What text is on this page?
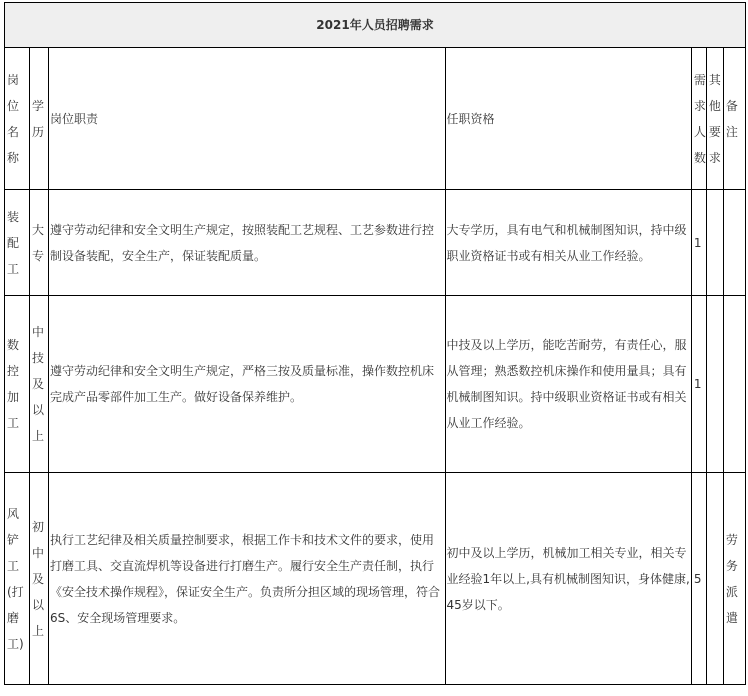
2021年人员招聘需求						

岗位名称	学历	岗位职责	任职资格	需求人数	其他要求	备注

装配工	大专	遵守劳动纪律和安全文明生产规定，按照装配工艺规程、工艺参数进行控制设备装配，安全生产，保证装配质量。	大专学历，具有电气和机械制图知识，持中级职业资格证书或有相关从业工作经验。	1		

数控加工	中技及以上	遵守劳动纪律和安全文明生产规定，严格三按及质量标准，操作数控机床完成产品零部件加工生产。做好设备保养维护。	中技及以上学历，能吃苦耐劳，有责任心，服从管理；熟悉数控机床操作和使用量具；具有机械制图知识。持中级职业资格证书或有相关从业工作经验。	1		

风铲工(打磨工)	初中及以上	执行工艺纪律及相关质量控制要求，根据工作卡和技术文件的要求，使用打磨工具、交直流焊机等设备进行打磨生产。履行安全生产责任制，执行《安全技术操作规程》，保证安全生产。负责所分担区域的现场管理，符合6S、安全现场管理要求。	初中及以上学历，机械加工相关专业，相关专业经验1年以上,具有机械制图知识，身体健康,45岁以下。	5		劳务派遣
